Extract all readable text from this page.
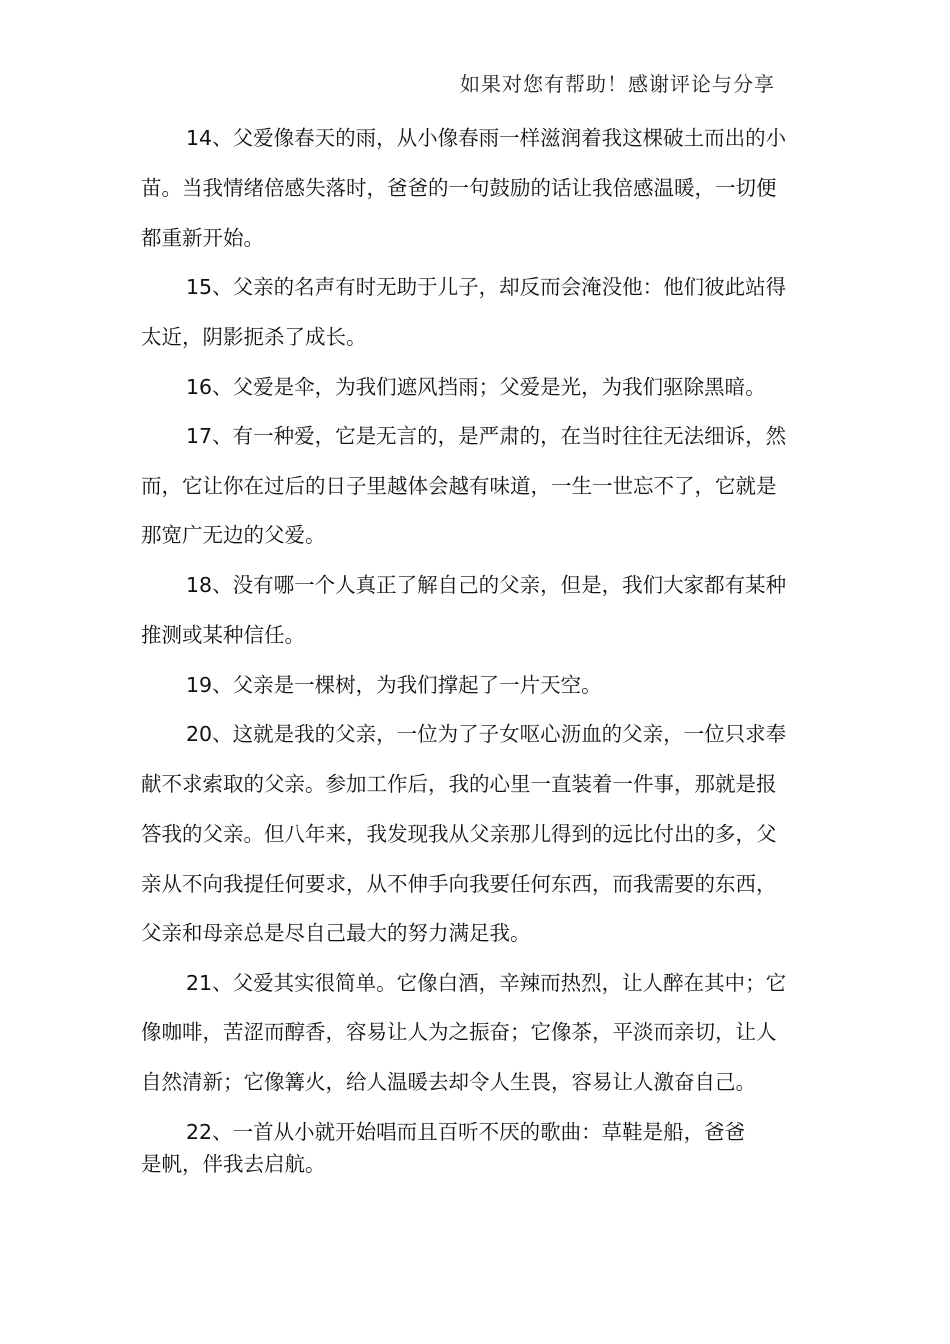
如果对您有帮助！感谢评论与分享
14、父爱像春天的雨，从小像春雨一样滋润着我这棵破土而出的小
苗。当我情绪倍感失落时，爸爸的一句鼓励的话让我倍感温暖，一切便
都重新开始。
15、父亲的名声有时无助于儿子，却反而会淹没他：他们彼此站得
太近，阴影扼杀了成长。
16、父爱是伞，为我们遮风挡雨；父爱是光，为我们驱除黑暗。
17、有一种爱，它是无言的，是严肃的，在当时往往无法细诉，然
而，它让你在过后的日子里越体会越有味道，一生一世忘不了，它就是
那宽广无边的父爱。
18、没有哪一个人真正了解自己的父亲，但是，我们大家都有某种
推测或某种信任。
19、父亲是一棵树，为我们撑起了一片天空。
20、这就是我的父亲，一位为了子女呕心沥血的父亲，一位只求奉
献不求索取的父亲。参加工作后，我的心里一直装着一件事，那就是报
答我的父亲。但八年来，我发现我从父亲那儿得到的远比付出的多，父
亲从不向我提任何要求，从不伸手向我要任何东西，而我需要的东西，
父亲和母亲总是尽自己最大的努力满足我。
21、父爱其实很简单。它像白酒，辛辣而热烈，让人醉在其中；它
像咖啡，苦涩而醇香，容易让人为之振奋；它像茶，平淡而亲切，让人
自然清新；它像篝火，给人温暖去却令人生畏，容易让人激奋自己。
22、一首从小就开始唱而且百听不厌的歌曲：草鞋是船，爸爸
是帆，伴我去启航。
